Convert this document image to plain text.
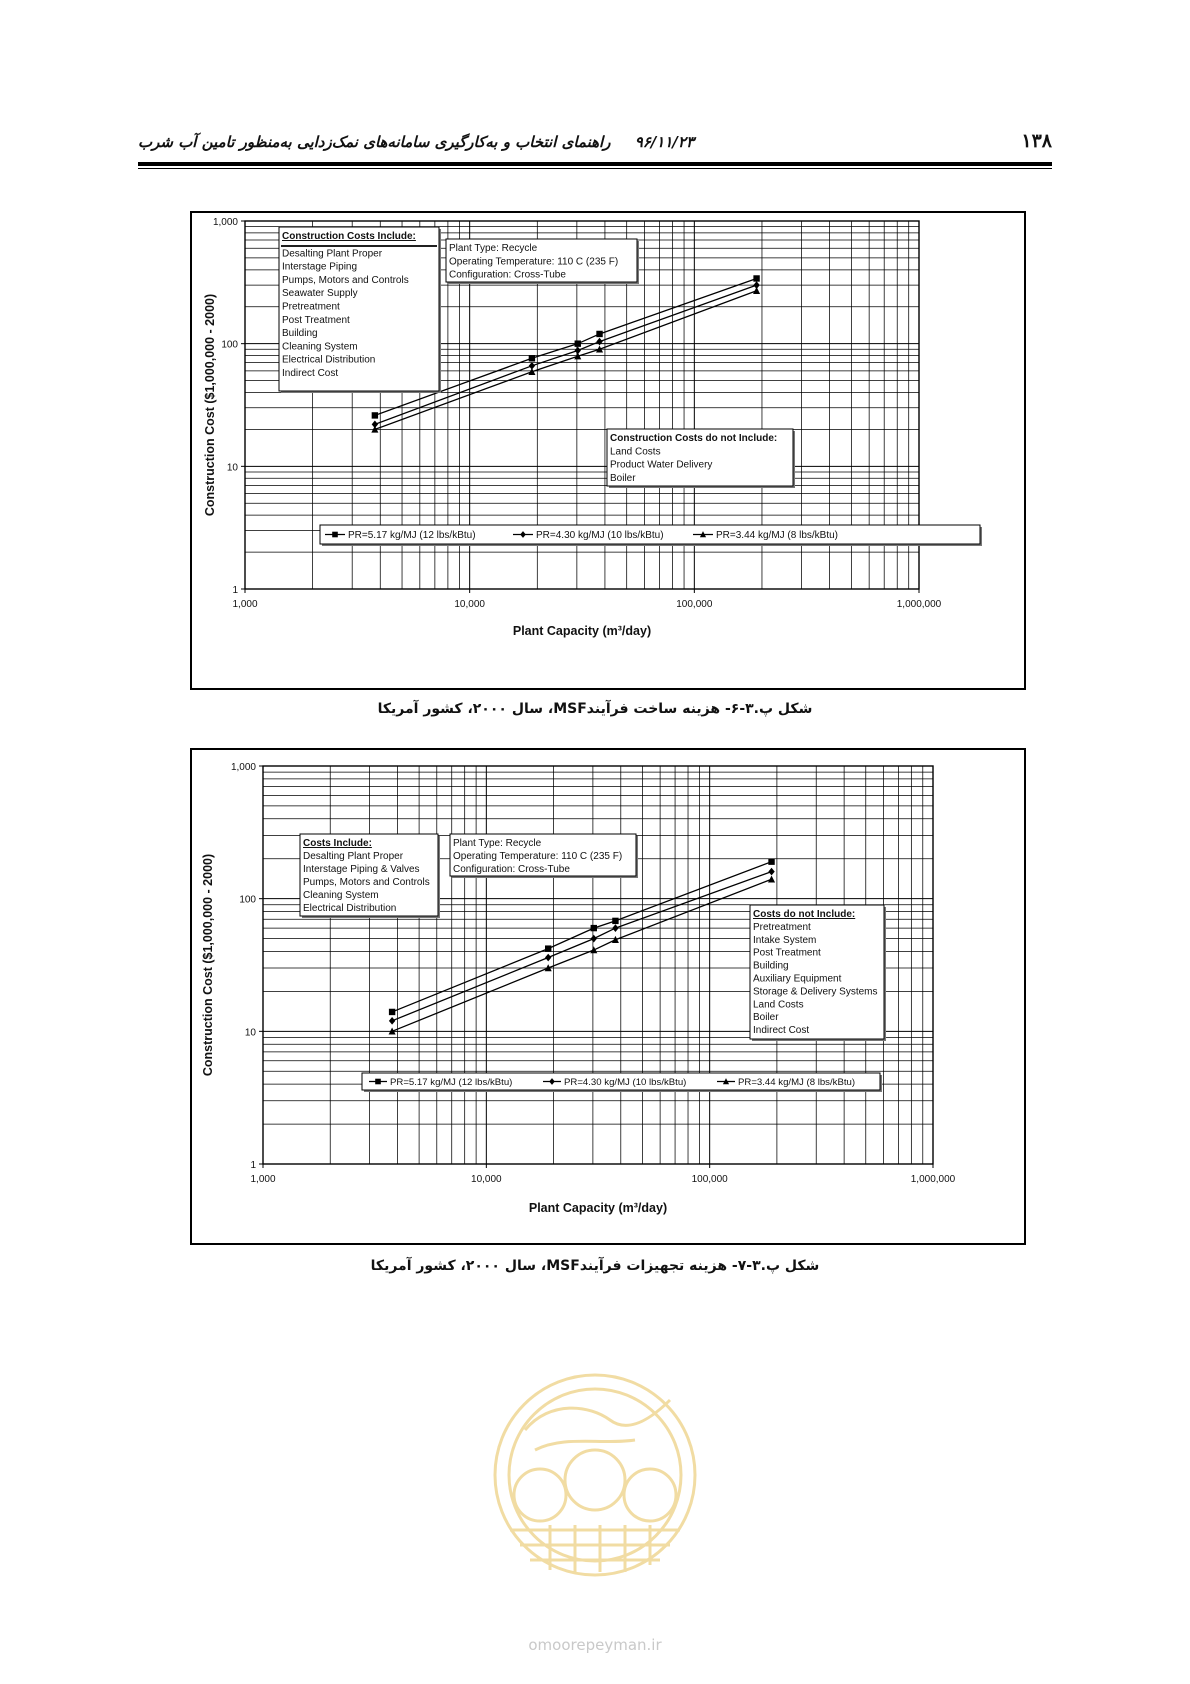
۱۳۸
۹۶/۱۱/۲۳
راهنمای انتخاب و به‌کارگیری سامانه‌های نمک‌زدایی به‌منظور تامین آب شرب
1,000	10,000	100,000	1,000,000
1
10
100
1,000
Plant Capacity (m³/day)
Construction Cost ($1,000,000 - 2000)
Construction Costs Include:
Desalting Plant Proper
Interstage Piping
Pumps, Motors and Controls
Seawater Supply
Pretreatment
Post Treatment
Building
Cleaning System
Electrical Distribution
Indirect Cost
Plant Type: Recycle
Operating Temperature: 110 C (235 F)
Configuration: Cross-Tube
Construction Costs do not Include:
Land Costs
Product Water Delivery
Boiler
PR=5.17 kg/MJ (12 lbs/kBtu)	PR=4.30 kg/MJ (10 lbs/kBtu)	PR=3.44 kg/MJ (8 lbs/kBtu)
شکل پ.۳-۶- هزینه ساخت فرآیندMSF، سال ۲۰۰۰، کشور آمریکا
1,000	10,000	100,000	1,000,000
1
10
100
1,000
Plant Capacity (m³/day)
Construction Cost ($1,000,000 - 2000)
Costs Include:
Desalting Plant Proper
Interstage Piping & Valves
Pumps, Motors and Controls
Cleaning System
Electrical Distribution
Plant Type: Recycle
Operating Temperature: 110 C (235 F)
Configuration: Cross-Tube
Costs do not Include:
Pretreatment
Intake System
Post Treatment
Building
Auxiliary Equipment
Storage & Delivery Systems
Land Costs
Boiler
Indirect Cost
PR=5.17 kg/MJ (12 lbs/kBtu)	PR=4.30 kg/MJ (10 lbs/kBtu)	PR=3.44 kg/MJ (8 lbs/kBtu)
شکل پ.۳-۷- هزینه تجهیزات فرآیندMSF، سال ۲۰۰۰، کشور آمریکا
omoorepeyman.ir
